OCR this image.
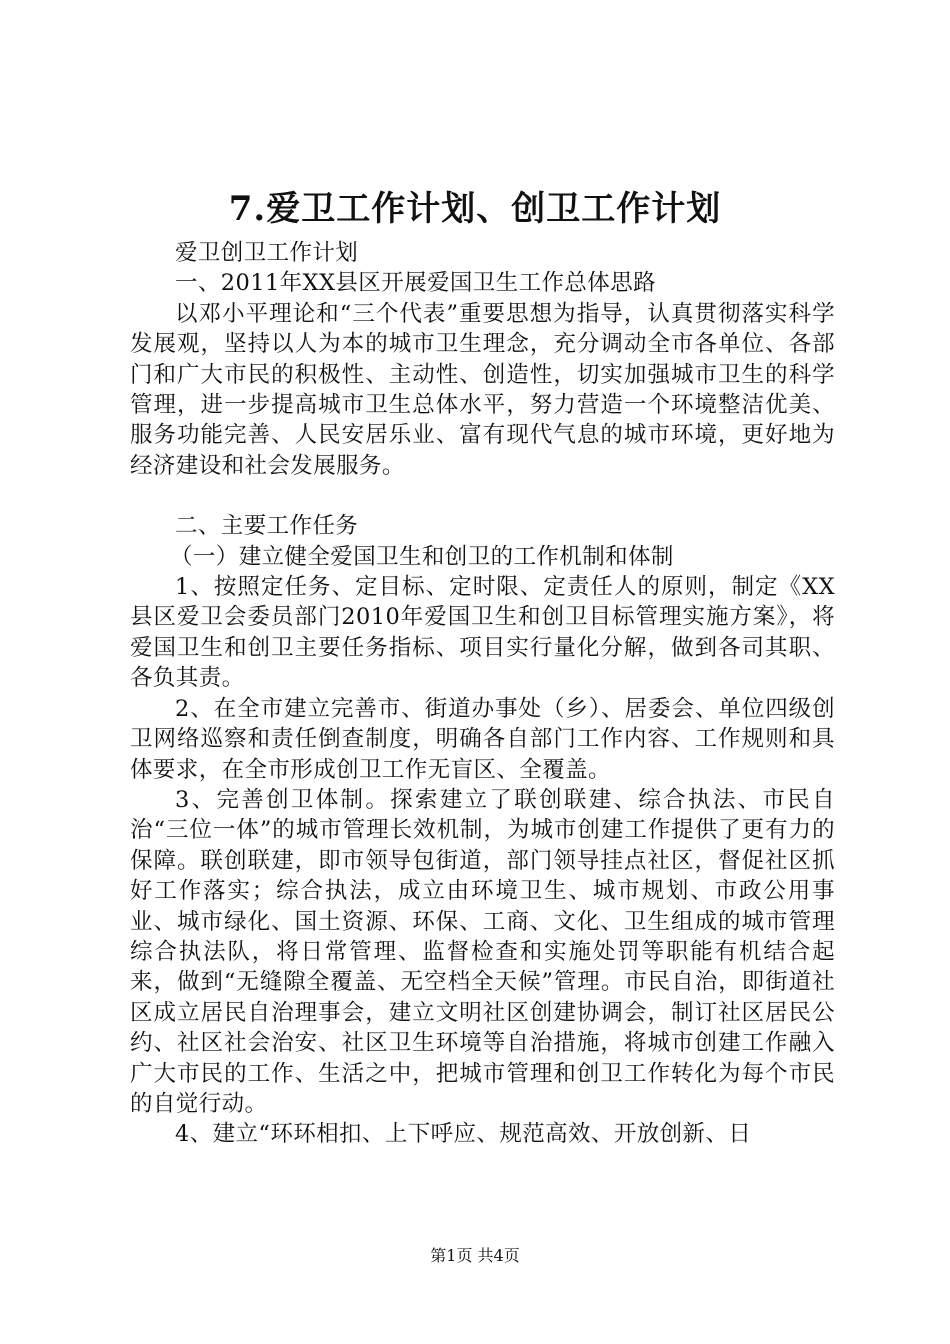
7.爱卫工作计划、创卫工作计划

爱卫创卫工作计划

一、2011年XX县区开展爱国卫生工作总体思路

以邓小平理论和“三个代表”重要思想为指导，认真贯彻落实科学发展观，坚持以人为本的城市卫生理念，充分调动全市各单位、各部门和广大市民的积极性、主动性、创造性，切实加强城市卫生的科学管理，进一步提高城市卫生总体水平，努力营造一个环境整洁优美、服务功能完善、人民安居乐业、富有现代气息的城市环境，更好地为经济建设和社会发展服务。

二、主要工作任务

（一）建立健全爱国卫生和创卫的工作机制和体制

1、按照定任务、定目标、定时限、定责任人的原则，制定《XX县区爱卫会委员部门2010年爱国卫生和创卫目标管理实施方案》，将爱国卫生和创卫主要任务指标、项目实行量化分解，做到各司其职、各负其责。

2、在全市建立完善市、街道办事处（乡）、居委会、单位四级创卫网络巡察和责任倒查制度，明确各自部门工作内容、工作规则和具体要求，在全市形成创卫工作无盲区、全覆盖。

3、完善创卫体制。探索建立了联创联建、综合执法、市民自治“三位一体”的城市管理长效机制，为城市创建工作提供了更有力的保障。联创联建，即市领导包街道，部门领导挂点社区，督促社区抓好工作落实；综合执法，成立由环境卫生、城市规划、市政公用事业、城市绿化、国土资源、环保、工商、文化、卫生组成的城市管理综合执法队，将日常管理、监督检查和实施处罚等职能有机结合起来，做到“无缝隙全覆盖、无空档全天候”管理。市民自治，即街道社区成立居民自治理事会，建立文明社区创建协调会，制订社区居民公约、社区社会治安、社区卫生环境等自治措施，将城市创建工作融入广大市民的工作、生活之中，把城市管理和创卫工作转化为每个市民的自觉行动。

4、建立“环环相扣、上下呼应、规范高效、开放创新、日

第1页 共4页
